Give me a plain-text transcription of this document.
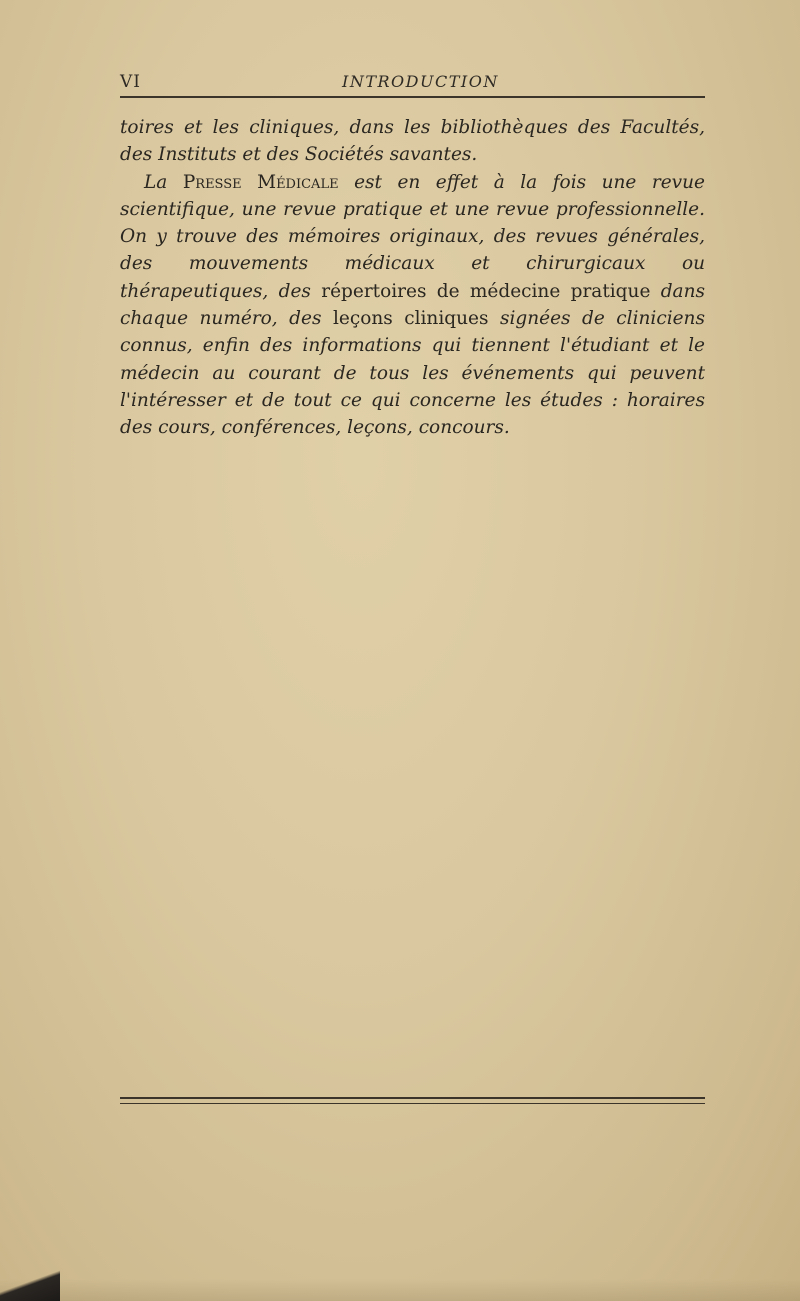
VI	INTRODUCTION

toires et les cliniques, dans les bibliothèques des Facultés, des Instituts et des Sociétés savantes.

La Presse Médicale est en effet à la fois une revue scientifique, une revue pratique et une revue professionnelle. On y trouve des mémoires originaux, des revues générales, des mouvements médicaux et chirurgicaux ou thérapeutiques, des répertoires de médecine pratique dans chaque numéro, des leçons cliniques signées de cliniciens connus, enfin des informations qui tiennent l'étudiant et le médecin au courant de tous les événements qui peuvent l'intéresser et de tout ce qui concerne les études : horaires des cours, conférences, leçons, concours.
